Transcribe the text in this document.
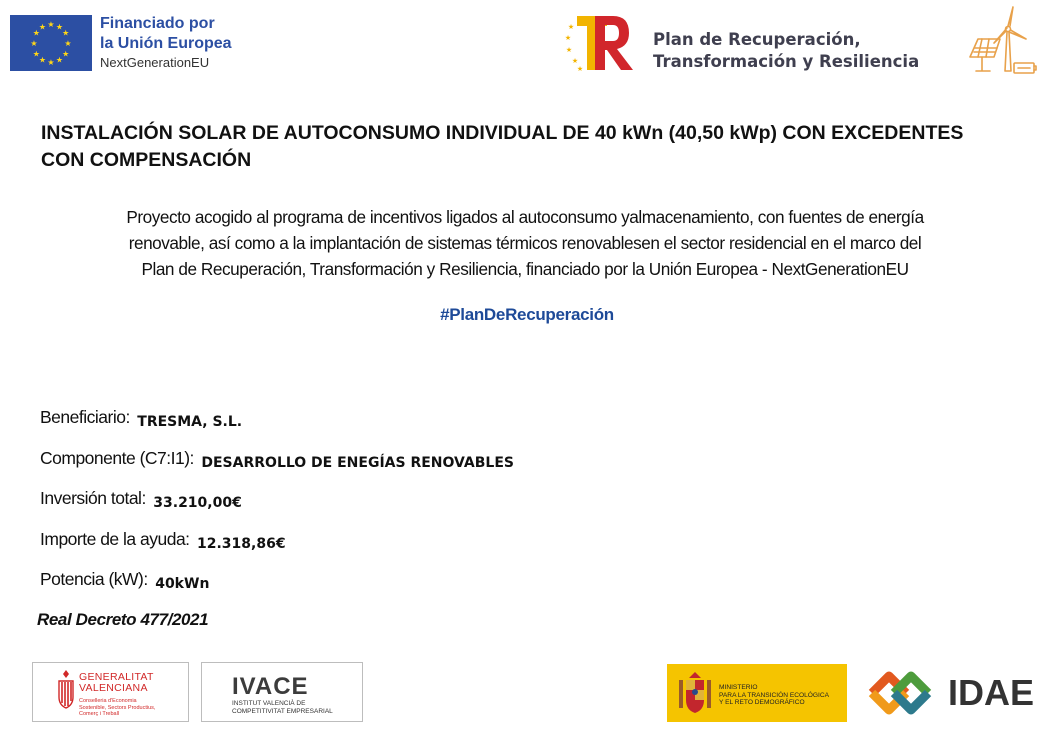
★ ★
★
★
★
★
★
★
★
★
★
★	Financiado por
la Unión Europea
NextGenerationEU
★
★
★
★
★
Plan de Recuperación,
Transformación y Resiliencia
INSTALACIÓN SOLAR DE AUTOCONSUMO INDIVIDUAL DE 40 kWn (40,50 kWp) CON EXCEDENTES CON COMPENSACIÓN
Proyecto acogido al programa de incentivos ligados al autoconsumo yalmacenamiento, con fuentes de energía
renovable, así como a la implantación de sistemas térmicos renovablesen el sector residencial en el marco del
Plan de Recuperación, Transformación y Resiliencia, financiado por la Unión Europea - NextGenerationEU
#PlanDeRecuperación
Beneficiario: TRESMA, S.L.
Componente (C7:I1): DESARROLLO DE ENEGÍAS RENOVABLES
Inversión total: 33.210,00€
Importe de la ayuda: 12.318,86€
Potencia (kW): 40kWn
Real Decreto 477/2021
GENERALITAT
VALENCIANA
Conselleria d'Economia
Sostenible, Sectors Productius,
Comerç i Treball
IVACE
INSTITUT VALENCIÀ DE
COMPETITIVITAT EMPRESARIAL
MINISTERIO
PARA LA TRANSICIÓN ECOLÓGICA
Y EL RETO DEMOGRÁFICO	IDAE
